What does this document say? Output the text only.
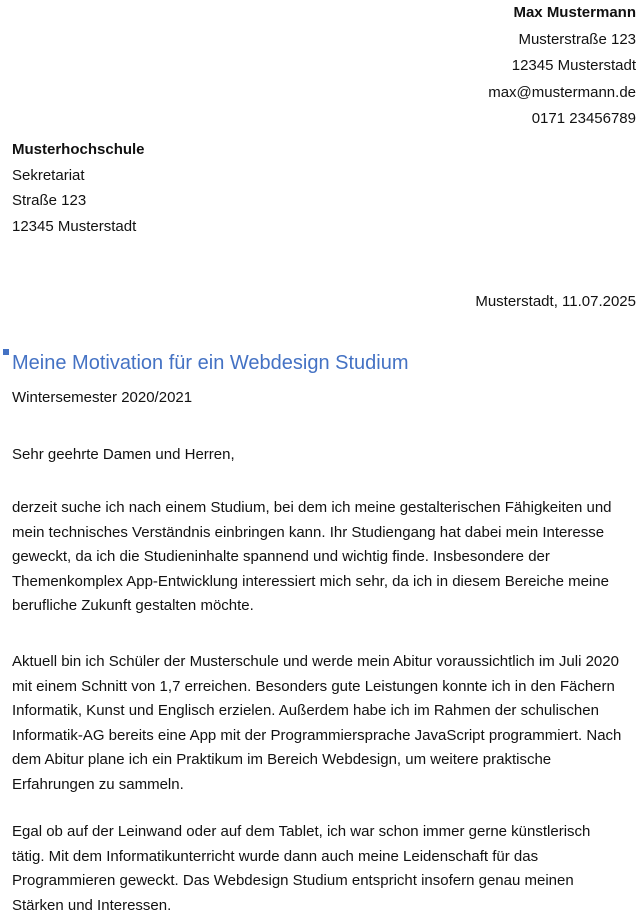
Max Mustermann
Musterstraße 123
12345 Musterstadt
max@mustermann.de
0171 23456789
Musterhochschule
Sekretariat
Straße 123
12345 Musterstadt
Musterstadt, 11.07.2025
Meine Motivation für ein Webdesign Studium
Wintersemester 2020/2021
Sehr geehrte Damen und Herren,

derzeit suche ich nach einem Studium, bei dem ich meine gestalterischen Fähigkeiten und mein technisches Verständnis einbringen kann. Ihr Studiengang hat dabei mein Interesse geweckt, da ich die Studieninhalte spannend und wichtig finde. Insbesondere der Themenkomplex App-Entwicklung interessiert mich sehr, da ich in diesem Bereiche meine berufliche Zukunft gestalten möchte.

Aktuell bin ich Schüler der Musterschule und werde mein Abitur voraussichtlich im Juli 2020 mit einem Schnitt von 1,7 erreichen. Besonders gute Leistungen konnte ich in den Fächern Informatik, Kunst und Englisch erzielen. Außerdem habe ich im Rahmen der schulischen Informatik-AG bereits eine App mit der Programmiersprache JavaScript programmiert. Nach dem Abitur plane ich ein Praktikum im Bereich Webdesign, um weitere praktische Erfahrungen zu sammeln.

Egal ob auf der Leinwand oder auf dem Tablet, ich war schon immer gerne künstlerisch tätig. Mit dem Informatikunterricht wurde dann auch meine Leidenschaft für das Programmieren geweckt. Das Webdesign Studium entspricht insofern genau meinen Stärken und Interessen.
